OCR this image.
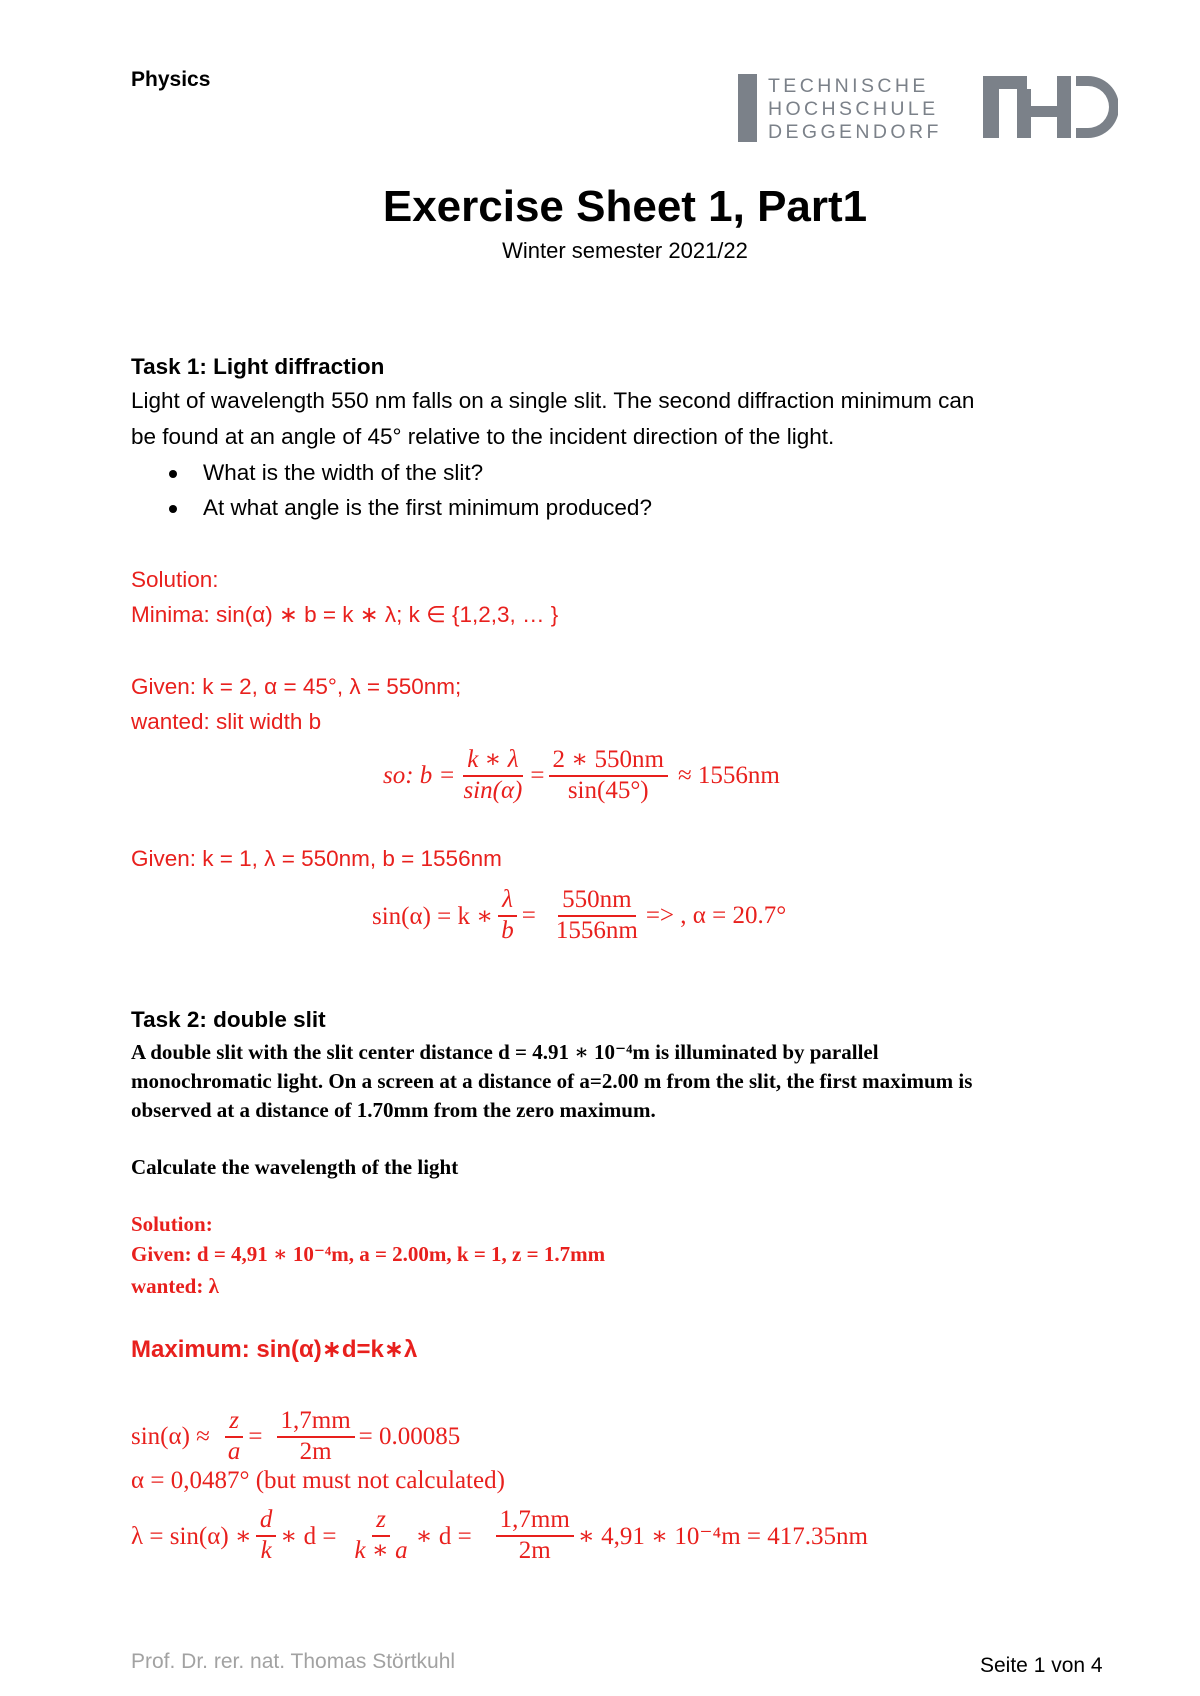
Physics	TECHNISCHE
HOCHSCHULE
DEGGENDORF
Exercise Sheet 1, Part1
Winter semester 2021/22
Task 1: Light diffraction
Light of wavelength 550 nm falls on a single slit. The second diffraction minimum can
be found at an angle of 45° relative to the incident direction of the light.
What is the width of the slit?
At what angle is the first minimum produced?
Solution:
Minima: sin(α) ∗ b = k ∗ λ; k ∈ {1,2,3, … }
Given: k = 2, α = 45°, λ = 550nm;
wanted: slit width b
so: $b = \frac{k ∗ \lambda}{\sin(\alpha)} = \frac{2 ∗ 550nm}{\sin(45^\circ)} \approx 1556nm$
Given: k = 1, λ = 550nm, b = 1556nm
sin(α) = k ∗ $\frac{\lambda}{b} = \frac{550nm}{1556nm}$ => , α = 20.7°
Task 2: double slit
A double slit with the slit center distance d = 4.91 ∗ 10⁻⁴m is illuminated by parallel
monochromatic light. On a screen at a distance of a=2.00 m from the slit, the first maximum is
observed at a distance of 1.70mm from the zero maximum.
Calculate the wavelength of the light
Solution:
Given: d = 4,91 ∗ 10⁻⁴m, a = 2.00m, k = 1, z = 1.7mm
wanted: λ
Maximum: sin(α)∗d=k∗λ
$\sin(\alpha) \approx \frac{z}{a} = \frac{1,7mm}{2m} = 0.00085$
α = 0,0487° (but must not calculated)
λ = sin(α) ∗ $\frac{d}{k}$ ∗ $d = \frac{z}{k ∗ a}$ ∗ $d = \frac{1,7mm}{2m}$ ∗ 4,91 ∗ 10⁻⁴m = 417.35nm
Prof. Dr. rer. nat. Thomas Störtkuhl	Seite 1 von 4
